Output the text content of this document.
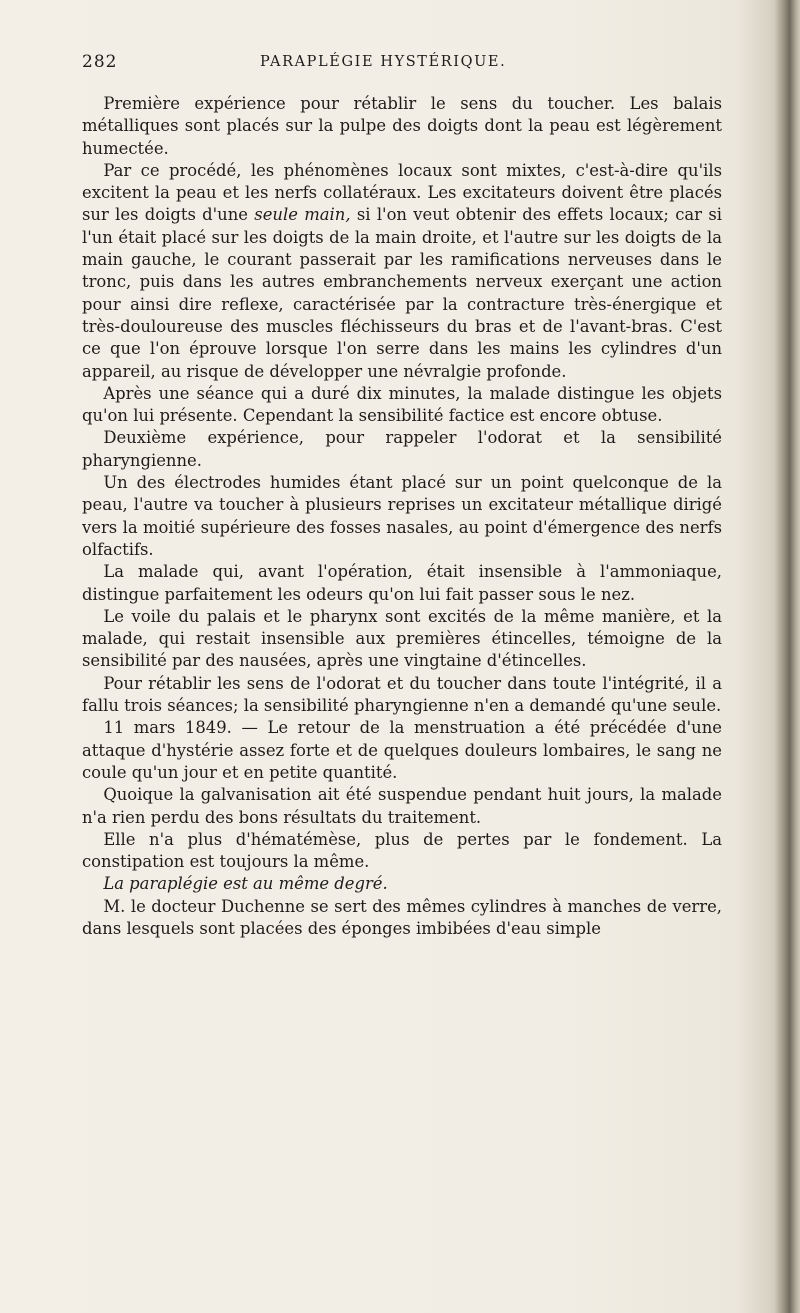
282	PARAPLÉGIE HYSTÉRIQUE.

Première expérience pour rétablir le sens du toucher. Les balais métalliques sont placés sur la pulpe des doigts dont la peau est légèrement humectée.

Par ce procédé, les phénomènes locaux sont mixtes, c'est-à-dire qu'ils excitent la peau et les nerfs collatéraux. Les excitateurs doivent être placés sur les doigts d'une seule main, si l'on veut obtenir des effets locaux; car si l'un était placé sur les doigts de la main droite, et l'autre sur les doigts de la main gauche, le courant passerait par les ramifications nerveuses dans le tronc, puis dans les autres embranchements nerveux exerçant une action pour ainsi dire reflexe, caractérisée par la contracture très-énergique et très-douloureuse des muscles fléchisseurs du bras et de l'avant-bras. C'est ce que l'on éprouve lorsque l'on serre dans les mains les cylindres d'un appareil, au risque de développer une névralgie profonde.

Après une séance qui a duré dix minutes, la malade distingue les objets qu'on lui présente. Cependant la sensibilité factice est encore obtuse.

Deuxième expérience, pour rappeler l'odorat et la sensibilité pharyngienne.

Un des électrodes humides étant placé sur un point quelconque de la peau, l'autre va toucher à plusieurs reprises un excitateur métallique dirigé vers la moitié supérieure des fosses nasales, au point d'émergence des nerfs olfactifs.

La malade qui, avant l'opération, était insensible à l'ammoniaque, distingue parfaitement les odeurs qu'on lui fait passer sous le nez.

Le voile du palais et le pharynx sont excités de la même manière, et la malade, qui restait insensible aux premières étincelles, témoigne de la sensibilité par des nausées, après une vingtaine d'étincelles.

Pour rétablir les sens de l'odorat et du toucher dans toute l'intégrité, il a fallu trois séances; la sensibilité pharyngienne n'en a demandé qu'une seule.

11 mars 1849. — Le retour de la menstruation a été précédée d'une attaque d'hystérie assez forte et de quelques douleurs lombaires, le sang ne coule qu'un jour et en petite quantité.

Quoique la galvanisation ait été suspendue pendant huit jours, la malade n'a rien perdu des bons résultats du traitement.

Elle n'a plus d'hématémèse, plus de pertes par le fondement. La constipation est toujours la même.

La paraplégie est au même degré.

M. le docteur Duchenne se sert des mêmes cylindres à manches de verre, dans lesquels sont placées des éponges imbibées d'eau simple
